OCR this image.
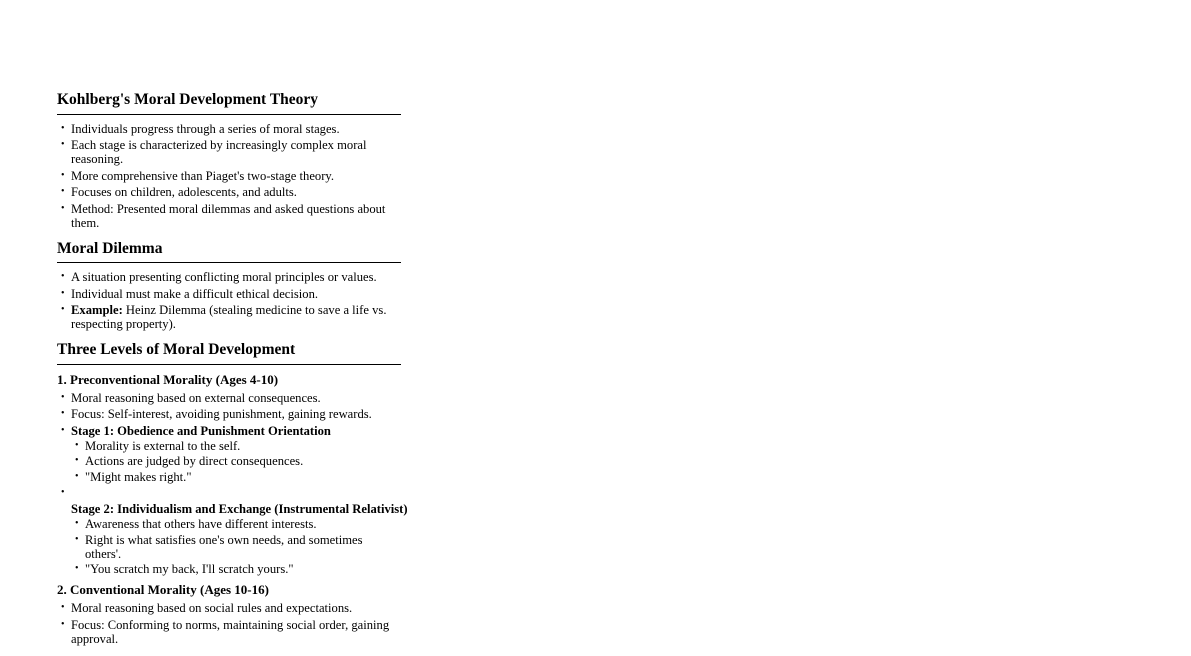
Kohlberg's Moral Development Theory
• Individuals progress through a series of moral stages.
• Each stage is characterized by increasingly complex moral reasoning.
• More comprehensive than Piaget's two-stage theory.
• Focuses on children, adolescents, and adults.
• Method: Presented moral dilemmas and asked questions about them.
Moral Dilemma
• A situation presenting conflicting moral principles or values.
• Individual must make a difficult ethical decision.
• Example: Heinz Dilemma (stealing medicine to save a life vs. respecting property).
Three Levels of Moral Development
1. Preconventional Morality (Ages 4-10)
• Moral reasoning based on external consequences.
• Focus: Self-interest, avoiding punishment, gaining rewards.
• Stage 1: Obedience and Punishment Orientation
• Morality is external to the self.
• Actions are judged by direct consequences.
• "Might makes right."
• Stage 2: Individualism and Exchange (Instrumental Relativist)
• Awareness that others have different interests.
• Right is what satisfies one's own needs, and sometimes others'.
• "You scratch my back, I'll scratch yours."
2. Conventional Morality (Ages 10-16)
• Moral reasoning based on social rules and expectations.
• Focus: Conforming to norms, maintaining social order, gaining approval.
